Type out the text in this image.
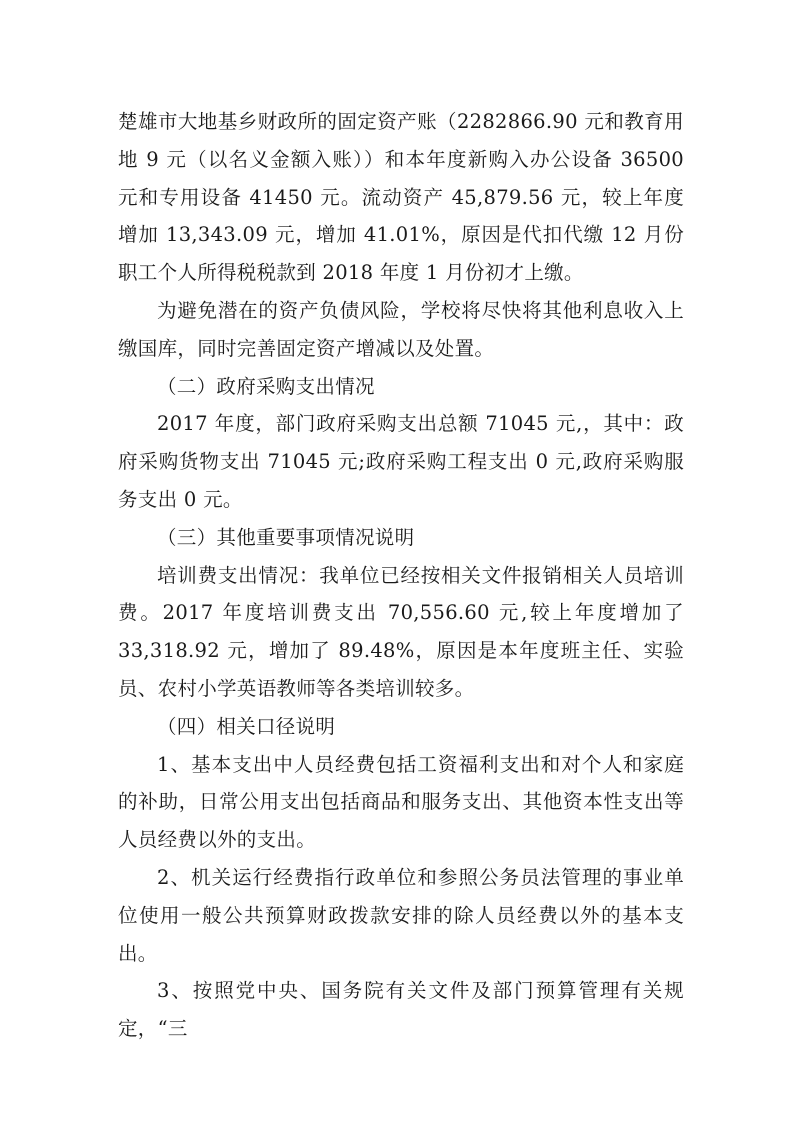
楚雄市大地基乡财政所的固定资产账（2282866.90 元和教育用地 9 元（以名义金额入账））和本年度新购入办公设备 36500 元和专用设备 41450 元。流动资产 45,879.56 元，较上年度增加 13,343.09 元，增加 41.01%，原因是代扣代缴 12 月份职工个人所得税税款到 2018 年度 1 月份初才上缴。

为避免潜在的资产负债风险，学校将尽快将其他利息收入上缴国库，同时完善固定资产增减以及处置。

（二）政府采购支出情况

2017 年度，部门政府采购支出总额 71045 元,，其中：政府采购货物支出 71045 元;政府采购工程支出 0 元,政府采购服务支出 0 元。

（三）其他重要事项情况说明

培训费支出情况：我单位已经按相关文件报销相关人员培训费。2017 年度培训费支出 70,556.60 元,较上年度增加了 33,318.92 元，增加了 89.48%，原因是本年度班主任、实验员、农村小学英语教师等各类培训较多。

（四）相关口径说明

1、基本支出中人员经费包括工资福利支出和对个人和家庭的补助，日常公用支出包括商品和服务支出、其他资本性支出等人员经费以外的支出。

2、机关运行经费指行政单位和参照公务员法管理的事业单位使用一般公共预算财政拨款安排的除人员经费以外的基本支出。

3、按照党中央、国务院有关文件及部门预算管理有关规定，“三
